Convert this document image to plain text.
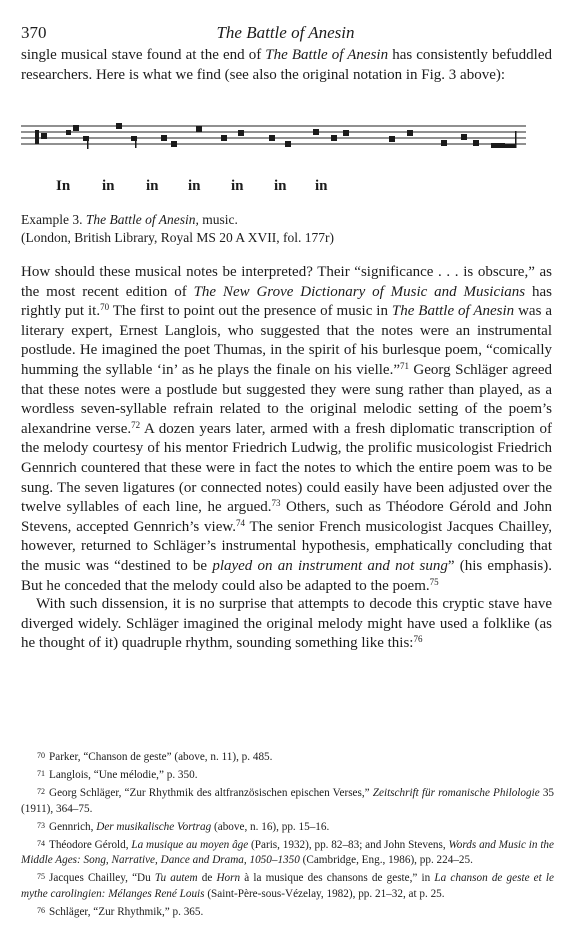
370	The Battle of Anesin
single musical stave found at the end of The Battle of Anesin has consistently befuddled researchers. Here is what we find (see also the original notation in Fig. 3 above):
In in in in in in in
Example 3. The Battle of Anesin, music.
(London, British Library, Royal MS 20 A XVII, fol. 177r)
How should these musical notes be interpreted? Their “significance . . . is obscure,” as the most recent edition of The New Grove Dictionary of Music and Musicians has rightly put it.$^{70}$ The first to point out the presence of music in The Battle of Anesin was a literary expert, Ernest Langlois, who suggested that the notes were an instrumental postlude. He imagined the poet Thumas, in the spirit of his burlesque poem, “comically humming the syllable ‘in’ as he plays the finale on his vielle.”$^{71}$ Georg Schläger agreed that these notes were a postlude but suggested they were sung rather than played, as a wordless seven-syllable refrain related to the original melodic setting of the poem’s alexandrine verse.$^{72}$ A dozen years later, armed with a fresh diplomatic transcription of the melody courtesy of his mentor Friedrich Ludwig, the prolific musicologist Friedrich Gennrich countered that these were in fact the notes to which the entire poem was to be sung. The seven ligatures (or connected notes) could easily have been adjusted over the twelve syllables of each line, he argued.$^{73}$ Others, such as Théodore Gérold and John Stevens, accepted Gennrich’s view.$^{74}$ The senior French musicologist Jacques Chailley, however, returned to Schläger’s instrumental hypothesis, emphatically concluding that the music was “destined to be played on an instrument and not sung” (his emphasis). But he conceded that the melody could also be adapted to the poem.$^{75}$
With such dissension, it is no surprise that attempts to decode this cryptic stave have diverged widely. Schläger imagined the original melody might have used a folklike (as he thought of it) quadruple rhythm, sounding something like this:$^{76}$
70 Parker, “Chanson de geste” (above, n. 11), p. 485.
71 Langlois, “Une mélodie,” p. 350.
72 Georg Schläger, “Zur Rhythmik des altfranzösischen epischen Verses,” Zeitschrift für romanische Philologie 35 (1911), 364–75.
73 Gennrich, Der musikalische Vortrag (above, n. 16), pp. 15–16.
74 Théodore Gérold, La musique au moyen âge (Paris, 1932), pp. 82–83; and John Stevens, Words and Music in the Middle Ages: Song, Narrative, Dance and Drama, 1050–1350 (Cambridge, Eng., 1986), pp. 224–25.
75 Jacques Chailley, “Du Tu autem de Horn à la musique des chansons de geste,” in La chanson de geste et le mythe carolingien: Mélanges René Louis (Saint-Père-sous-Vézelay, 1982), pp. 21–32, at p. 25.
76 Schläger, “Zur Rhythmik,” p. 365.
